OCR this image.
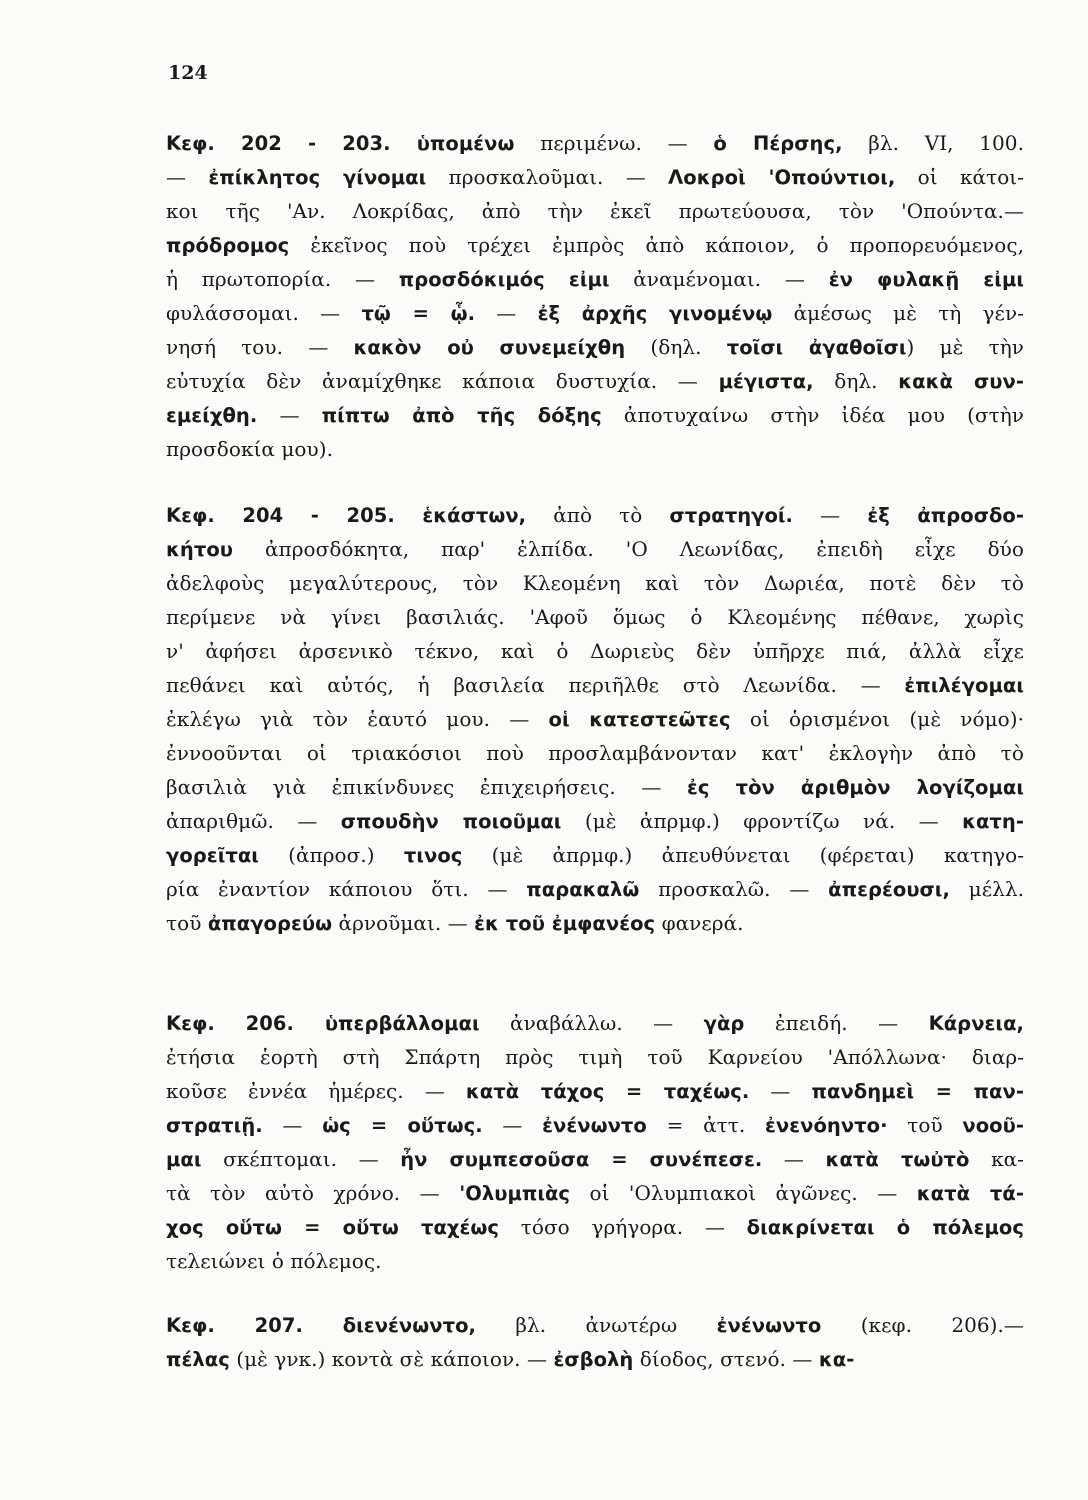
124
Κεφ. 202 - 203. ὑπομένω περιμένω. — ὁ Πέρσης, βλ. VI, 100.
— ἐπίκλητος γίνομαι προσκαλοῦμαι. — Λοκροὶ 'Οπούντιοι, οἱ κάτοι-
κοι τῆς 'Αν. Λοκρίδας, ἀπὸ τὴν ἐκεῖ πρωτεύουσα, τὸν 'Οπούντα.—
πρόδρομος ἐκεῖνος ποὺ τρέχει ἐμπρὸς ἀπὸ κάποιον, ὁ προπορευόμενος,
ἡ πρωτοπορία. — προσδόκιμός εἰμι ἀναμένομαι. — ἐν φυλακῇ εἰμι
φυλάσσομαι. — τῷ = ᾧ. — ἐξ ἀρχῆς γινομένῳ ἀμέσως μὲ τὴ γέν-
νησή του. — κακὸν οὐ συνεμείχθη (δηλ. τοῖσι ἀγαθοῖσι) μὲ τὴν
εὐτυχία δὲν ἀναμίχθηκε κάποια δυστυχία. — μέγιστα, δηλ. κακὰ συν-
εμείχθη. — πίπτω ἀπὸ τῆς δόξης ἀποτυχαίνω στὴν ἰδέα μου (στὴν
προσδοκία μου).
Κεφ. 204 - 205. ἑκάστων, ἀπὸ τὸ στρατηγοί. — ἐξ ἀπροσδο-
κήτου ἀπροσδόκητα, παρ' ἐλπίδα. 'Ο Λεωνίδας, ἐπειδὴ εἶχε δύο
ἀδελφοὺς μεγαλύτερους, τὸν Κλεομένη καὶ τὸν Δωριέα, ποτὲ δὲν τὸ
περίμενε νὰ γίνει βασιλιάς. 'Αφοῦ ὅμως ὁ Κλεομένης πέθανε, χωρὶς
ν' ἀφήσει ἀρσενικὸ τέκνο, καὶ ὁ Δωριεὺς δὲν ὑπῆρχε πιά, ἀλλὰ εἶχε
πεθάνει καὶ αὐτός, ἡ βασιλεία περιῆλθε στὸ Λεωνίδα. — ἐπιλέγομαι
ἐκλέγω γιὰ τὸν ἑαυτό μου. — οἱ κατεστεῶτες οἱ ὁρισμένοι (μὲ νόμο)·
ἐννοοῦνται οἱ τριακόσιοι ποὺ προσλαμβάνονταν κατ' ἐκλογὴν ἀπὸ τὸ
βασιλιὰ γιὰ ἐπικίνδυνες ἐπιχειρήσεις. — ἐς τὸν ἀριθμὸν λογίζομαι
ἀπαριθμῶ. — σπουδὴν ποιοῦμαι (μὲ ἀπρμφ.) φροντίζω νά. — κατη-
γορεῖται (ἀπροσ.) τινος (μὲ ἀπρμφ.) ἀπευθύνεται (φέρεται) κατηγο-
ρία ἐναντίον κάποιου ὅτι. — παρακαλῶ προσκαλῶ. — ἀπερέουσι, μέλλ.
τοῦ ἀπαγορεύω ἀρνοῦμαι. — ἐκ τοῦ ἐμφανέος φανερά.
Κεφ. 206. ὑπερβάλλομαι ἀναβάλλω. — γὰρ ἐπειδή. — Κάρνεια,
ἐτήσια ἑορτὴ στὴ Σπάρτη πρὸς τιμὴ τοῦ Καρνείου 'Απόλλωνα· διαρ-
κοῦσε ἐννέα ἡμέρες. — κατὰ τάχος = ταχέως. — πανδημεὶ = παν-
στρατιῇ. — ὡς = οὕτως. — ἐνένωντο = ἀττ. ἐνενόηντο· τοῦ νοοῦ-
μαι σκέπτομαι. — ἦν συμπεσοῦσα = συνέπεσε. — κατὰ τωὐτὸ κα-
τὰ τὸν αὐτὸ χρόνο. — 'Ολυμπιὰς οἱ 'Ολυμπιακοὶ ἀγῶνες. — κατὰ τά-
χος οὕτω = οὕτω ταχέως τόσο γρήγορα. — διακρίνεται ὁ πόλεμος
τελειώνει ὁ πόλεμος.
Κεφ. 207. διενένωντο, βλ. ἀνωτέρω ἐνένωντο (κεφ. 206).—
πέλας (μὲ γνκ.) κοντὰ σὲ κάποιον. — ἐσβολὴ δίοδος, στενό. — κα-
